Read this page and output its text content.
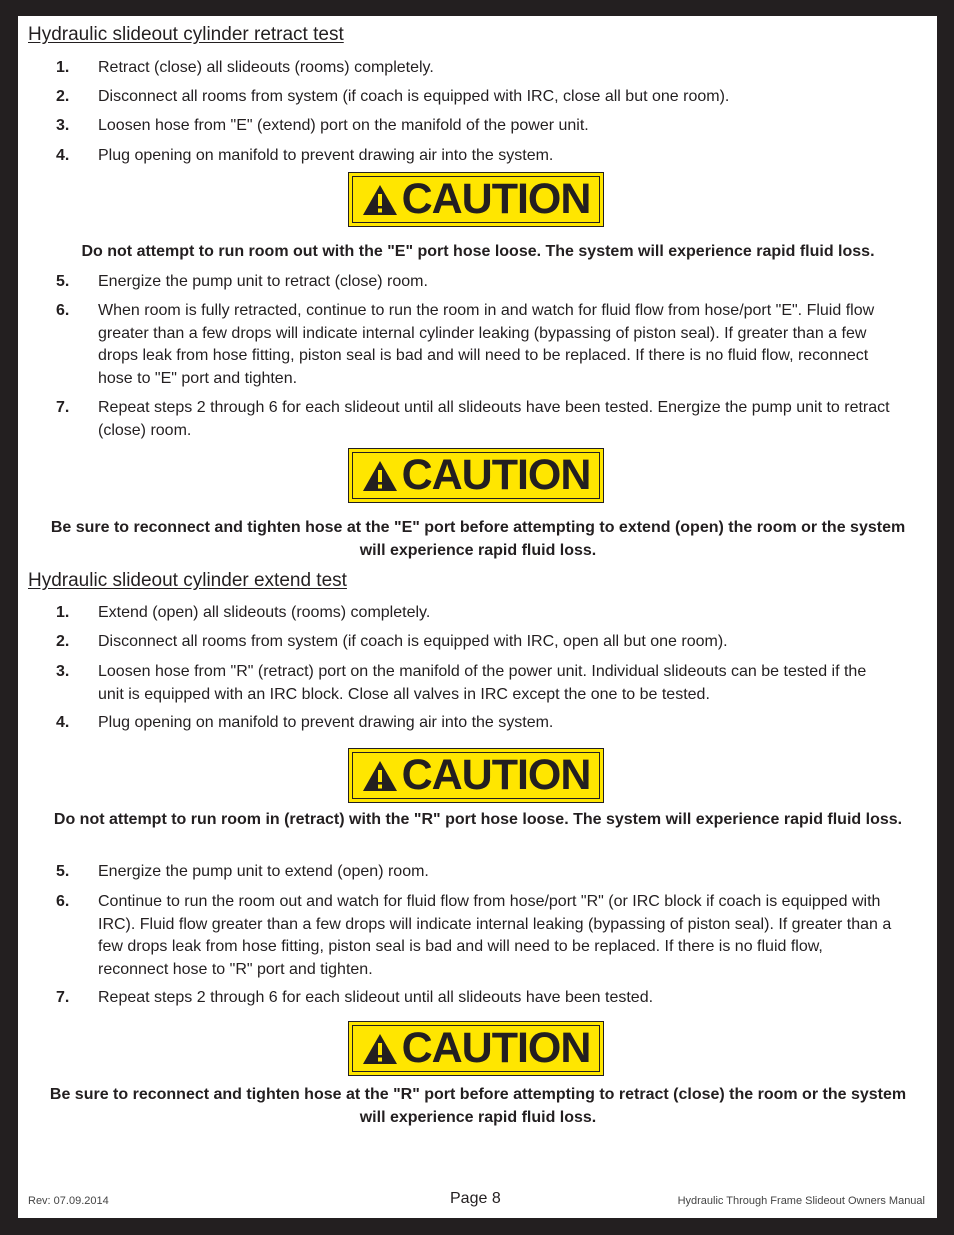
Hydraulic slideout cylinder retract test
1.	Retract (close) all slideouts (rooms) completely.
2.	Disconnect all rooms from system (if coach is equipped with IRC, close all but one room).
3.	Loosen hose from "E" (extend) port on the manifold of the power unit.
4.	Plug opening on manifold to prevent drawing air into the system.
CAUTION
Do not attempt to run room out with the "E" port hose loose. The system will experience rapid fluid loss.
5.	Energize the pump unit to retract (close) room.
6.	When room is fully retracted, continue to run the room in and watch for fluid flow from hose/port "E". Fluid flow greater than a few drops will indicate internal cylinder leaking (bypassing of piston seal). If greater than a few drops leak from hose fitting, piston seal is bad and will need to be replaced. If there is no fluid flow, reconnect hose to "E" port and tighten.
7.	Repeat steps 2 through 6 for each slideout until all slideouts have been tested. Energize the pump unit to retract (close) room.
CAUTION
Be sure to reconnect and tighten hose at the "E" port before attempting to extend (open) the room or the system will experience rapid fluid loss.
Hydraulic slideout cylinder extend test
1.	Extend (open) all slideouts (rooms) completely.
2.	Disconnect all rooms from system (if coach is equipped with IRC, open all but one room).
3.	Loosen hose from "R" (retract) port on the manifold of the power unit. Individual slideouts can be tested if the unit is equipped with an IRC block. Close all valves in IRC except the one to be tested.
4.	Plug opening on manifold to prevent drawing air into the system.
CAUTION
Do not attempt to run room in (retract) with the "R" port hose loose. The system will experience rapid fluid loss.
5.	Energize the pump unit to extend (open) room.
6.	Continue to run the room out and watch for fluid flow from hose/port "R" (or IRC block if coach is equipped with IRC). Fluid flow greater than a few drops will indicate internal leaking (bypassing of piston seal). If greater than a few drops leak from hose fitting, piston seal is bad and will need to be replaced. If there is no fluid flow, reconnect hose to "R" port and tighten.
7.	Repeat steps 2 through 6 for each slideout until all slideouts have been tested.
CAUTION
Be sure to reconnect and tighten hose at the "R" port before attempting to retract (close) the room or the system will experience rapid fluid loss.
Rev: 07.09.2014	Page 8	Hydraulic Through Frame Slideout Owners Manual
